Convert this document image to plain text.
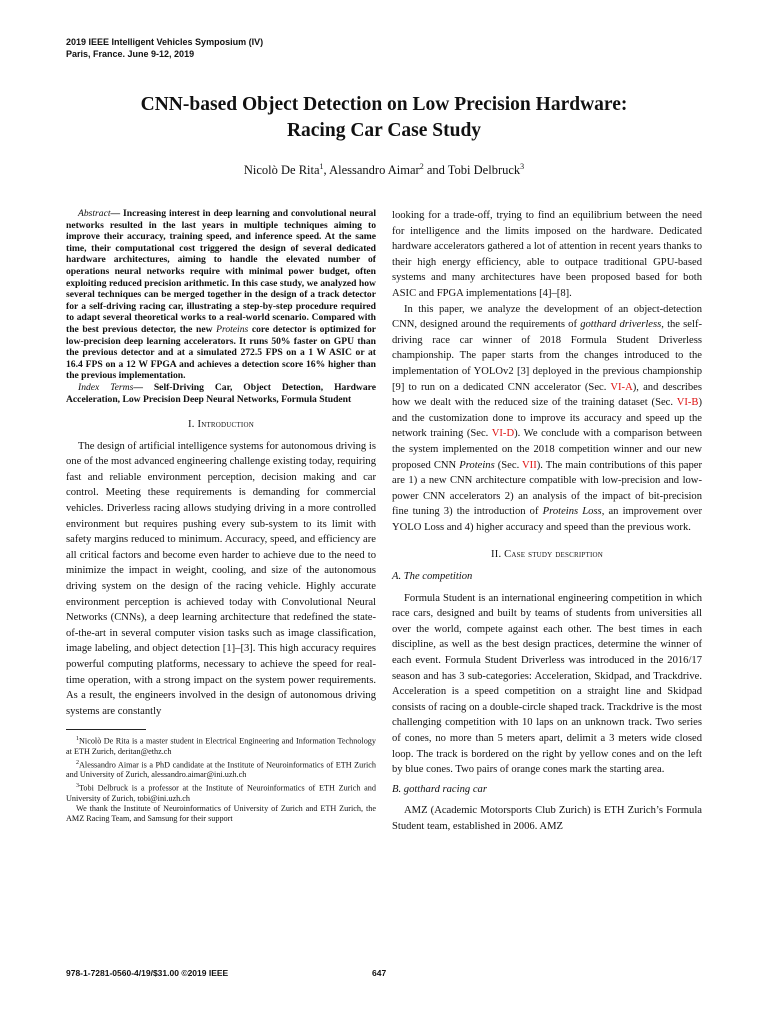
2019 IEEE Intelligent Vehicles Symposium (IV)
Paris, France. June 9-12, 2019
CNN-based Object Detection on Low Precision Hardware:
Racing Car Case Study
Nicolò De Rita$^1$, Alessandro Aimar$^2$ and Tobi Delbruck$^3$

Abstract— Increasing interest in deep learning and convolutional neural networks resulted in the last years in multiple techniques aiming to improve their accuracy, training speed, and inference speed. At the same time, their computational cost triggered the design of several dedicated hardware architectures, aiming to handle the elevated number of operations neural networks require with minimal power budget, often exploiting reduced precision arithmetic. In this case study, we analyzed how several techniques can be merged together in the design of a track detector for a self-driving racing car, illustrating a step-by-step procedure required to adapt several theoretical works to a real-world scenario. Compared with the best previous detector, the new Proteins core detector is optimized for low-precision deep learning accelerators. It runs 50% faster on GPU than the previous detector and at a simulated 272.5 FPS on a 1 W ASIC or at 16.4 FPS on a 12 W FPGA and achieves a detection score 16% higher than the previous implementation.

Index Terms— Self-Driving Car, Object Detection, Hardware Acceleration, Low Precision Deep Neural Networks, Formula Student

I. Introduction

The design of artificial intelligence systems for autonomous driving is one of the most advanced engineering challenge existing today, requiring fast and reliable environment perception, decision making and car control. Meeting these requirements is demanding for commercial vehicles. Driverless racing allows studying driving in a more controlled environment but requires pushing every sub-system to its limit with safety margins reduced to minimum. Accuracy, speed, and efficiency are all critical factors and become even harder to achieve due to the need to minimize the impact in weight, cooling, and size of the autonomous driving system on the design of the racing vehicle. Highly accurate environment perception is achieved today with Convolutional Neural Networks (CNNs), a deep learning architecture that redefined the state-of-the-art in several computer vision tasks such as image classification, image labeling, and object detection [1]–[3]. This high accuracy requires powerful computing platforms, necessary to achieve the speed for real-time operation, with a strong impact on the system power requirements. As a result, the engineers involved in the design of autonomous driving systems are constantly

$^1$Nicolò De Rita is a master student in Electrical Engineering and Information Technology at ETH Zurich, deritan@ethz.ch

$^2$Alessandro Aimar is a PhD candidate at the Institute of Neuroinformatics of ETH Zurich and University of Zurich, alessandro.aimar@ini.uzh.ch

$^3$Tobi Delbruck is a professor at the Institute of Neuroinformatics of ETH Zurich and University of Zurich, tobi@ini.uzh.ch

We thank the Institute of Neuroinformatics of University of Zurich and ETH Zurich, the AMZ Racing Team, and Samsung for their support

looking for a trade-off, trying to find an equilibrium between the need for intelligence and the limits imposed on the hardware. Dedicated hardware accelerators gathered a lot of attention in recent years thanks to their high energy efficiency, able to outpace traditional GPU-based systems and many architectures have been proposed based for both ASIC and FPGA implementations [4]–[8].

In this paper, we analyze the development of an object-detection CNN, designed around the requirements of gotthard driverless, the self-driving race car winner of 2018 Formula Student Driverless championship. The paper starts from the changes introduced to the implementation of YOLOv2 [3] deployed in the previous championship [9] to run on a dedicated CNN accelerator (Sec. VI-A), and describes how we dealt with the reduced size of the training dataset (Sec. VI-B) and the customization done to improve its accuracy and speed up the network training (Sec. VI-D). We conclude with a comparison between the system implemented on the 2018 competition winner and our new proposed CNN Proteins (Sec. VII). The main contributions of this paper are 1) a new CNN architecture compatible with low-precision and low-power CNN accelerators 2) an analysis of the impact of bit-precision fine tuning 3) the introduction of Proteins Loss, an improvement over YOLO Loss and 4) higher accuracy and speed than the previous work.

II. Case study description
A. The competition

Formula Student is an international engineering competition in which race cars, designed and built by teams of students from universities all over the world, compete against each other. The best times in each discipline, as well as the best design practices, determine the winner of each event. Formula Student Driverless was introduced in the 2016/17 season and has 3 sub-categories: Acceleration, Skidpad, and Trackdrive. Acceleration is a speed competition on a straight line and Skidpad consists of racing on a double-circle shaped track. Trackdrive is the most challenging competition with 10 laps on an unknown track. Two series of cones, no more than 5 meters apart, delimit a 3 meters wide closed loop. The track is bordered on the right by yellow cones and on the left by blue cones. Two pairs of orange cones mark the starting area.

B. gotthard racing car

AMZ (Academic Motorsports Club Zurich) is ETH Zurich’s Formula Student team, established in 2006. AMZ

978-1-7281-0560-4/19/$31.00 ©2019 IEEE	647
